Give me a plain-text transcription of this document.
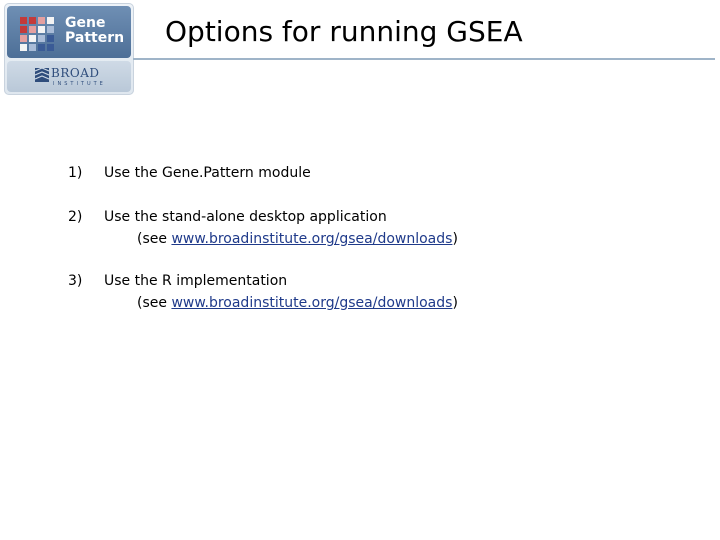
Gene
Pattern
BROAD
INSTITUTE
Options for running GSEA
1) Use the Gene.Pattern module
2) Use the stand-alone desktop application
(see www.broadinstitute.org/gsea/downloads)
3) Use the R implementation
(see www.broadinstitute.org/gsea/downloads)
